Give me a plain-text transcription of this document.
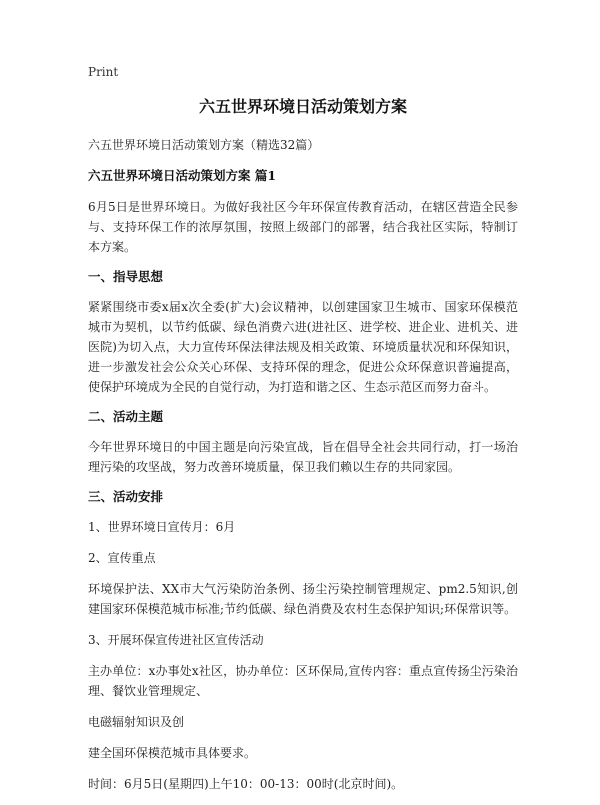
Print
六五世界环境日活动策划方案
六五世界环境日活动策划方案（精选32篇）
六五世界环境日活动策划方案 篇1
6月5日是世界环境日。为做好我社区今年环保宣传教育活动，在辖区营造全民参与、支持环保工作的浓厚氛围，按照上级部门的部署，结合我社区实际，特制订本方案。
一、指导思想
紧紧围绕市委x届x次全委(扩大)会议精神，以创建国家卫生城市、国家环保模范城市为契机，以节约低碳、绿色消费六进(进社区、进学校、进企业、进机关、进医院)为切入点，大力宣传环保法律法规及相关政策、环境质量状况和环保知识，进一步激发社会公众关心环保、支持环保的理念，促进公众环保意识普遍提高，使保护环境成为全民的自觉行动，为打造和谐之区、生态示范区而努力奋斗。
二、活动主题
今年世界环境日的中国主题是向污染宣战，旨在倡导全社会共同行动，打一场治理污染的攻坚战，努力改善环境质量，保卫我们赖以生存的共同家园。
三、活动安排
1、世界环境日宣传月：6月
2、宣传重点
环境保护法、XX市大气污染防治条例、扬尘污染控制管理规定、pm2.5知识,创建国家环保模范城市标准;节约低碳、绿色消费及农村生态保护知识;环保常识等。
3、开展环保宣传进社区宣传活动
主办单位：x办事处x社区，协办单位：区环保局,宣传内容：重点宣传扬尘污染治理、餐饮业管理规定、
电磁辐射知识及创
建全国环保模范城市具体要求。
时间：6月5日(星期四)上午10：00-13：00时(北京时间)。
